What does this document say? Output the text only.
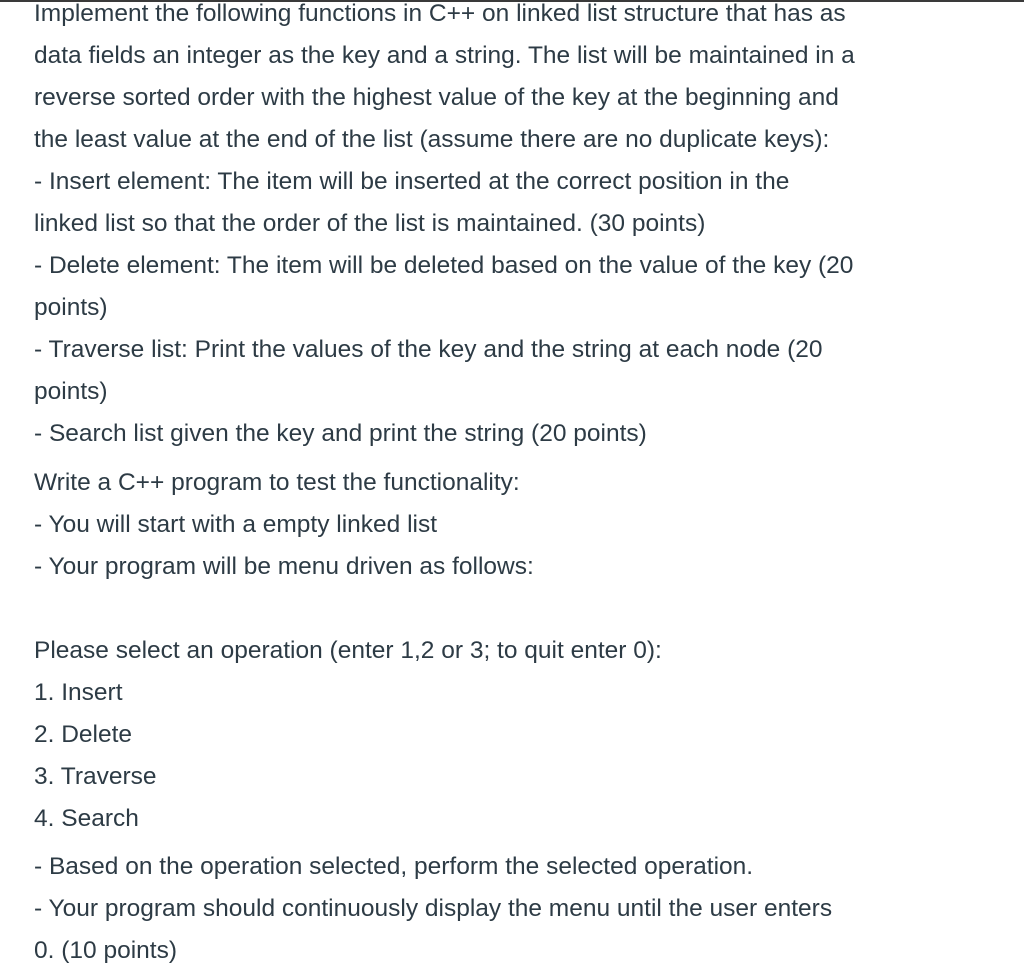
Implement the following functions in C++ on linked list structure that has as
data fields an integer as the key and a string. The list will be maintained in a
reverse sorted order with the highest value of the key at the beginning and
the least value at the end of the list (assume there are no duplicate keys):
- Insert element: The item will be inserted at the correct position in the
linked list so that the order of the list is maintained. (30 points)
- Delete element: The item will be deleted based on the value of the key (20
points)
- Traverse list: Print the values of the key and the string at each node (20
points)
- Search list given the key and print the string (20 points)

Write a C++ program to test the functionality:
- You will start with a empty linked list
- Your program will be menu driven as follows:

Please select an operation (enter 1,2 or 3; to quit enter 0):
1. Insert
2. Delete
3. Traverse
4. Search

- Based on the operation selected, perform the selected operation.
- Your program should continuously display the menu until the user enters
0. (10 points)
